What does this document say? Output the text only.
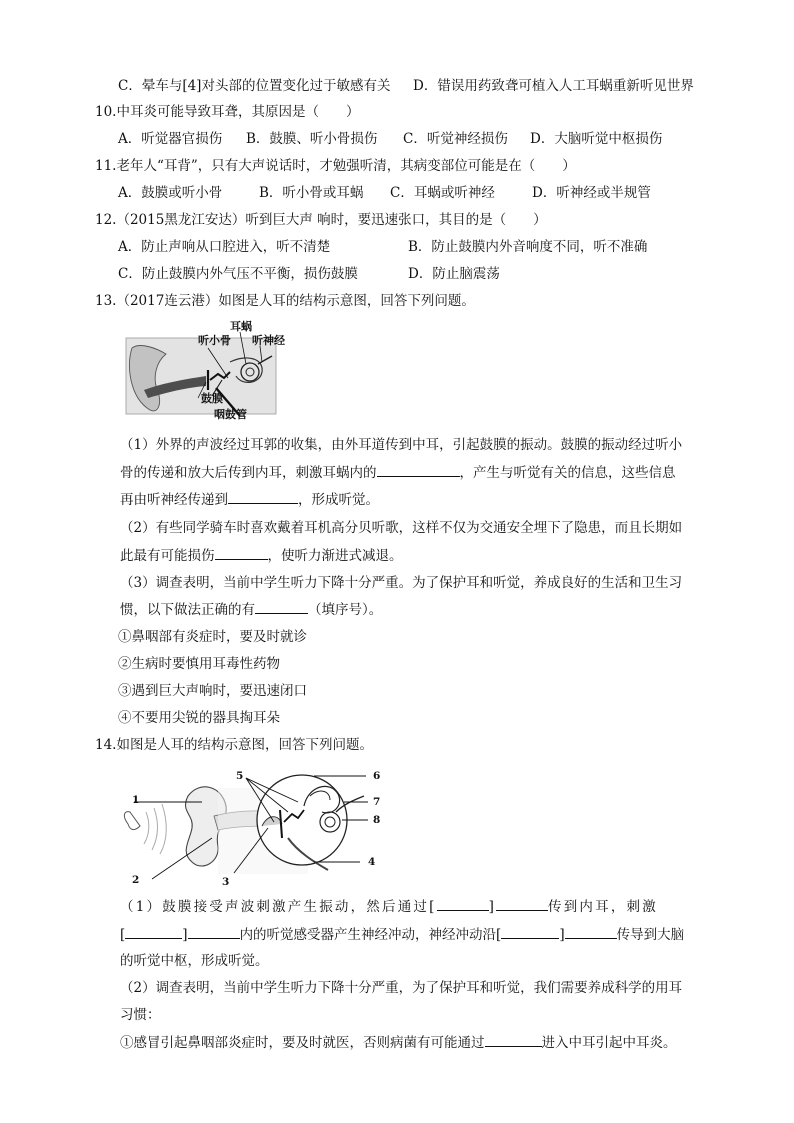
C．晕车与[4]对头部的位置变化过于敏感有关 D．错误用药致聋可植入人工耳蜗重新听见世界
10.中耳炎可能导致耳聋，其原因是（　　）
A．听觉器官损伤 B．鼓膜、听小骨损伤 C．听觉神经损伤 D．大脑听觉中枢损伤
11.老年人“耳背”，只有大声说话时，才勉强听清，其病变部位可能是在（　　）
A．鼓膜或听小骨	B．听小骨或耳蜗 C．耳蜗或听神经	D．听神经或半规管
12.（2015黑龙江安达）听到巨大声 响时，要迅速张口，其目的是（　　）
A．防止声响从口腔进入，听不清楚	B．防止鼓膜内外音响度不同，听不准确
C．防止鼓膜内外气压不平衡，损伤鼓膜	D．防止脑震荡
13.（2017连云港）如图是人耳的结构示意图，回答下列问题。
耳蜗
听小骨 听神经
鼓膜
咽鼓管
（1）外界的声波经过耳郭的收集，由外耳道传到中耳，引起鼓膜的振动。鼓膜的振动经过听小
骨的传递和放大后传到内耳，刺激耳蜗内的	，产生与听觉有关的信息，这些信息
再由听神经传递到	，形成听觉。
（2）有些同学骑车时喜欢戴着耳机高分贝听歌，这样不仅为交通安全埋下了隐患，而且长期如
此最有可能损伤	，使听力渐进式减退。
（3）调查表明，当前中学生听力下降十分严重。为了保护耳和听觉，养成良好的生活和卫生习
惯，以下做法正确的有	（填序号）。
①鼻咽部有炎症时，要及时就诊
②生病时要慎用耳毒性药物
③遇到巨大声响时，要迅速闭口
④不要用尖锐的器具掏耳朵
14.如图是人耳的结构示意图，回答下列问题。
1
2	3
4
5	6
7
8
（1）鼓膜接受声波刺激产生振动，然后通过[	]	传到内耳，刺激
[	]	内的听觉感受器产生神经冲动，神经冲动沿[	]	传导到大脑
的听觉中枢，形成听觉。
（2）调查表明，当前中学生听力下降十分严重，为了保护耳和听觉，我们需要养成科学的用耳
习惯：
①感冒引起鼻咽部炎症时，要及时就医，否则病菌有可能通过	进入中耳引起中耳炎。
